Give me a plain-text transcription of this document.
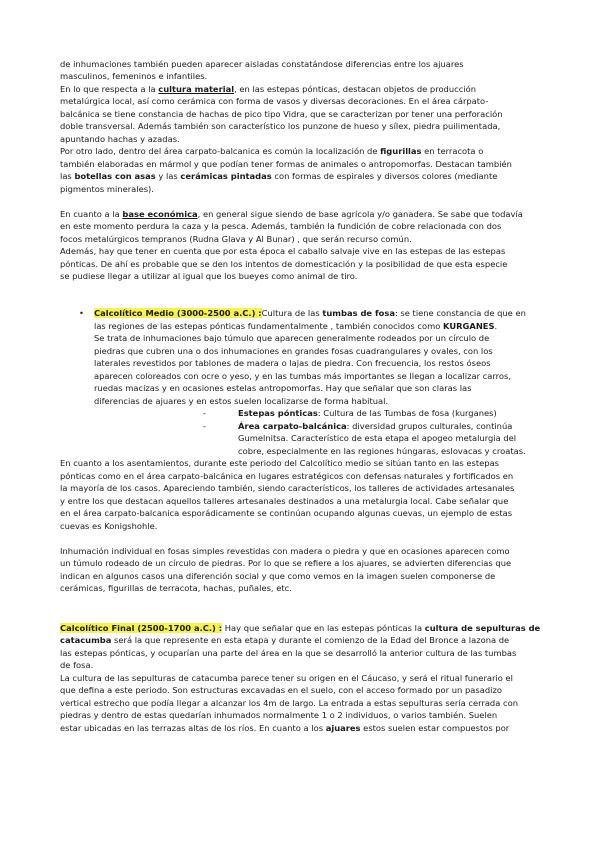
de inhumaciones también pueden aparecer aisladas constatándose diferencias entre los ajuares
masculinos, femeninos e infantiles.
En lo que respecta a la cultura material, en las estepas pónticas, destacan objetos de producción
metalúrgica local, así como cerámica con forma de vasos y diversas decoraciones. En el área cárpato-
balcánica se tiene constancia de hachas de pico tipo Vidra, que se caracterizan por tener una perforación
doble transversal. Además también son característico los punzone de hueso y sílex, piedra puilimentada,
apuntando hachas y azadas.
Por otro lado, dentro del área carpato-balcanica es común la localización de figurillas en terracota o
también elaboradas en mármol y que podían tener formas de animales o antropomorfas. Destacan también
las botellas con asas y las cerámicas pintadas con formas de espirales y diversos colores (mediante
pigmentos minerales).
En cuanto a la base económica, en general sigue siendo de base agrícola y/o ganadera. Se sabe que todavía
en este momento perdura la caza y la pesca. Además, también la fundición de cobre relacionada con dos
focos metalúrgicos tempranos (Rudna Glava y Al Bunar) , que serán recurso común.
Además, hay que tener en cuenta que por esta época el caballo salvaje vive en las estepas de las estepas
pónticas. De ahí es probable que se den los intentos de domesticación y la posibilidad de que esta especie
se pudiese llegar a utilizar al igual que los bueyes como animal de tiro.
• Calcolítico Medio (3000-2500 a.C.) :Cultura de las tumbas de fosa: se tiene constancia de que en
las regiones de las estepas pónticas fundamentalmente , también conocidos como KURGANES.
Se trata de inhumaciones bajo túmulo que aparecen generalmente rodeados por un círculo de
piedras que cubren una o dos inhumaciones en grandes fosas cuadrangulares y ovales, con los
laterales revestidos por tablones de madera o lajas de piedra. Con frecuencia, los restos óseos
aparecen coloreados con ocre o yeso, y en las tumbas más importantes se llegan a localizar carros,
ruedas macizas y en ocasiones estelas antropomorfas. Hay que señalar que son claras las
diferencias de ajuares y en estos suelen localizarse de forma habitual.
-	Estepas pónticas: Cultura de las Tumbas de fosa (kurganes)
-	Área carpato-balcánica: diversidad grupos culturales, continúa
Gumelnitsa. Característico de esta etapa el apogeo metalurgia del
cobre, especialmente en las regiones húngaras, eslovacas y croatas.
En cuanto a los asentamientos, durante este periodo del Calcolítico medio se sitúan tanto en las estepas
pónticas como en el área carpato-balcánica en lugares estratégicos con defensas naturales y fortificados en
la mayoría de los casos. Apareciendo también, siendo característicos, los talleres de actividades artesanales
y entre los que destacan aquellos talleres artesanales destinados a una metalurgia local. Cabe señalar que
en el área carpato-balcanica esporádicamente se continúan ocupando algunas cuevas, un ejemplo de estas
cuevas es Konigshohle.
Inhumación individual en fosas simples revestidas con madera o piedra y que en ocasiones aparecen como
un túmulo rodeado de un círculo de piedras. Por lo que se refiere a los ajuares, se advierten diferencias que
indican en algunos casos una diferención social y que como vemos en la imagen suelen componerse de
cerámicas, figurillas de terracota, hachas, puñales, etc.
Calcolítico Final (2500-1700 a.C.) : Hay que señalar que en las estepas pónticas la cultura de sepulturas de
catacumba será la que represente en esta etapa y durante el comienzo de la Edad del Bronce a lazona de
las estepas pónticas, y ocuparían una parte del área en la que se desarrolló la anterior cultura de las tumbas
de fosa.
La cultura de las sepulturas de catacumba parece tener su origen en el Cáucaso, y será el ritual funerario el
que defina a este periodo. Son estructuras excavadas en el suelo, con el acceso formado por un pasadizo
vertical estrecho que podía llegar a alcanzar los 4m de largo. La entrada a estas sepulturas sería cerrada con
piedras y dentro de estas quedarían inhumados normalmente 1 o 2 individuos, o varios también. Suelen
estar ubicadas en las terrazas altas de los ríos. En cuanto a los ajuares estos suelen estar compuestos por
